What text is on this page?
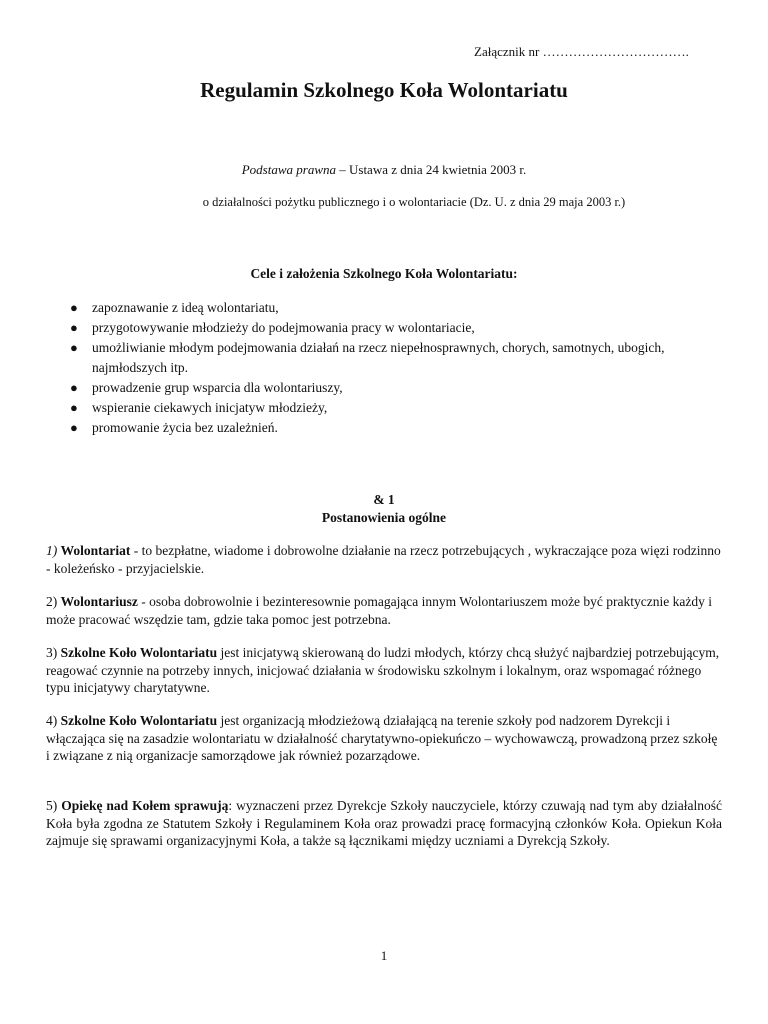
Załącznik nr …………………………….
Regulamin Szkolnego Koła Wolontariatu
Podstawa prawna – Ustawa z dnia 24 kwietnia 2003 r.
o działalności pożytku publicznego i o wolontariacie (Dz. U. z dnia 29 maja 2003 r.)
Cele i założenia Szkolnego Koła Wolontariatu:
● zapoznawanie z ideą wolontariatu,
● przygotowywanie młodzieży do podejmowania pracy w wolontariacie,
● umożliwianie młodym podejmowania działań na rzecz niepełnosprawnych, chorych, samotnych, ubogich, najmłodszych itp.
● prowadzenie grup wsparcia dla wolontariuszy,
● wspieranie ciekawych inicjatyw młodzieży,
● promowanie życia bez uzależnień.
& 1
Postanowienia ogólne
1) Wolontariat - to bezpłatne, wiadome i dobrowolne działanie na rzecz potrzebujących , wykraczające poza więzi rodzinno - koleżeńsko - przyjacielskie.
2) Wolontariusz - osoba dobrowolnie i bezinteresownie pomagająca innym Wolontariuszem może być praktycznie każdy i może pracować wszędzie tam, gdzie taka pomoc jest potrzebna.
3) Szkolne Koło Wolontariatu jest inicjatywą skierowaną do ludzi młodych, którzy chcą służyć najbardziej potrzebującym, reagować czynnie na potrzeby innych, inicjować działania w środowisku szkolnym i lokalnym, oraz wspomagać różnego typu inicjatywy charytatywne.
4) Szkolne Koło Wolontariatu jest organizacją młodzieżową działającą na terenie szkoły pod nadzorem Dyrekcji i włączająca się na zasadzie wolontariatu w działalność charytatywno-opiekuńczo – wychowawczą, prowadzoną przez szkołę i związane z nią organizacje samorządowe jak również pozarządowe.
5) Opiekę nad Kołem sprawują: wyznaczeni przez Dyrekcje Szkoły nauczyciele, którzy czuwają nad tym aby działalność Koła była zgodna ze Statutem Szkoły i Regulaminem Koła oraz prowadzi pracę formacyjną członków Koła. Opiekun Koła zajmuje się sprawami organizacyjnymi Koła, a także są łącznikami między uczniami a Dyrekcją Szkoły.
1
